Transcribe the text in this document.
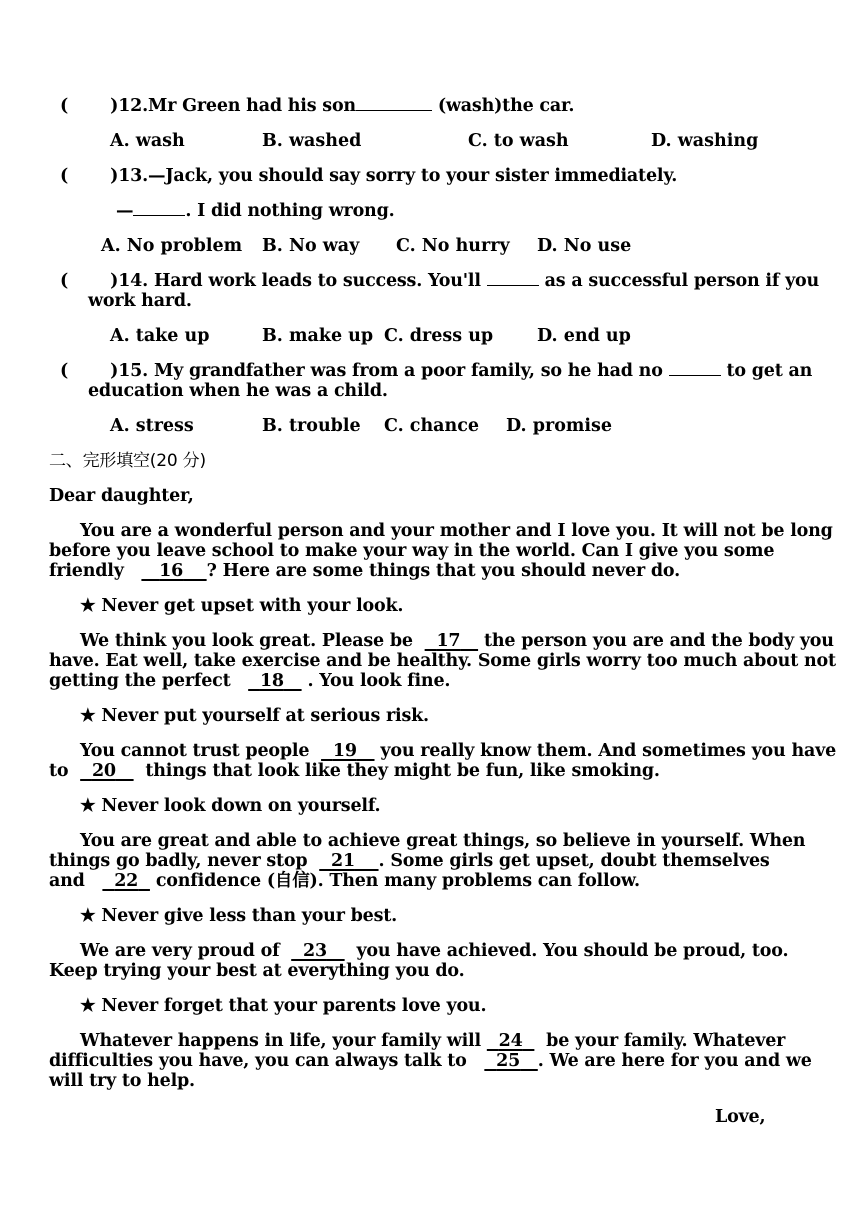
( )12.Mr Green had his son	(wash)the car.
A. wash	B. washed	C. to wash	D. washing
( )13.—Jack, you should say sorry to your sister immediately.
—	. I did nothing wrong.
A. No problem B. No way C. No hurry D. No use
( )14. Hard work leads to success. You'll	as a successful person if you
work hard.
A. take up	B. make up C. dress up	D. end up
( )15. My grandfather was from a poor family, so he had no	to get an
education when he was a child.
A. stress	B. trouble C. chance D. promise
二、完形填空(20 分)
Dear daughter,
You are a wonderful person and your mother and I love you. It will not be long
before you leave school to make your way in the world. Can I give you some
friendly 16 ? Here are some things that you should never do.
★ Never get upset with your look.
We think you look great. Please be 17 the person you are and the body you
have. Eat well, take exercise and be healthy. Some girls worry too much about not
getting the perfect 18 . You look fine.
★ Never put yourself at serious risk.
You cannot trust people 19 you really know them. And sometimes you have
to 20 things that look like they might be fun, like smoking.
★ Never look down on yourself.
You are great and able to achieve great things, so believe in yourself. When
things go badly, never stop 21 . Some girls get upset, doubt themselves
and 22 confidence (自信). Then many problems can follow.
★ Never give less than your best.
We are very proud of 23 you have achieved. You should be proud, too.
Keep trying your best at everything you do.
★ Never forget that your parents love you.
Whatever happens in life, your family will 24 be your family. Whatever
difficulties you have, you can always talk to 25 . We are here for you and we
will try to help.
Love,
